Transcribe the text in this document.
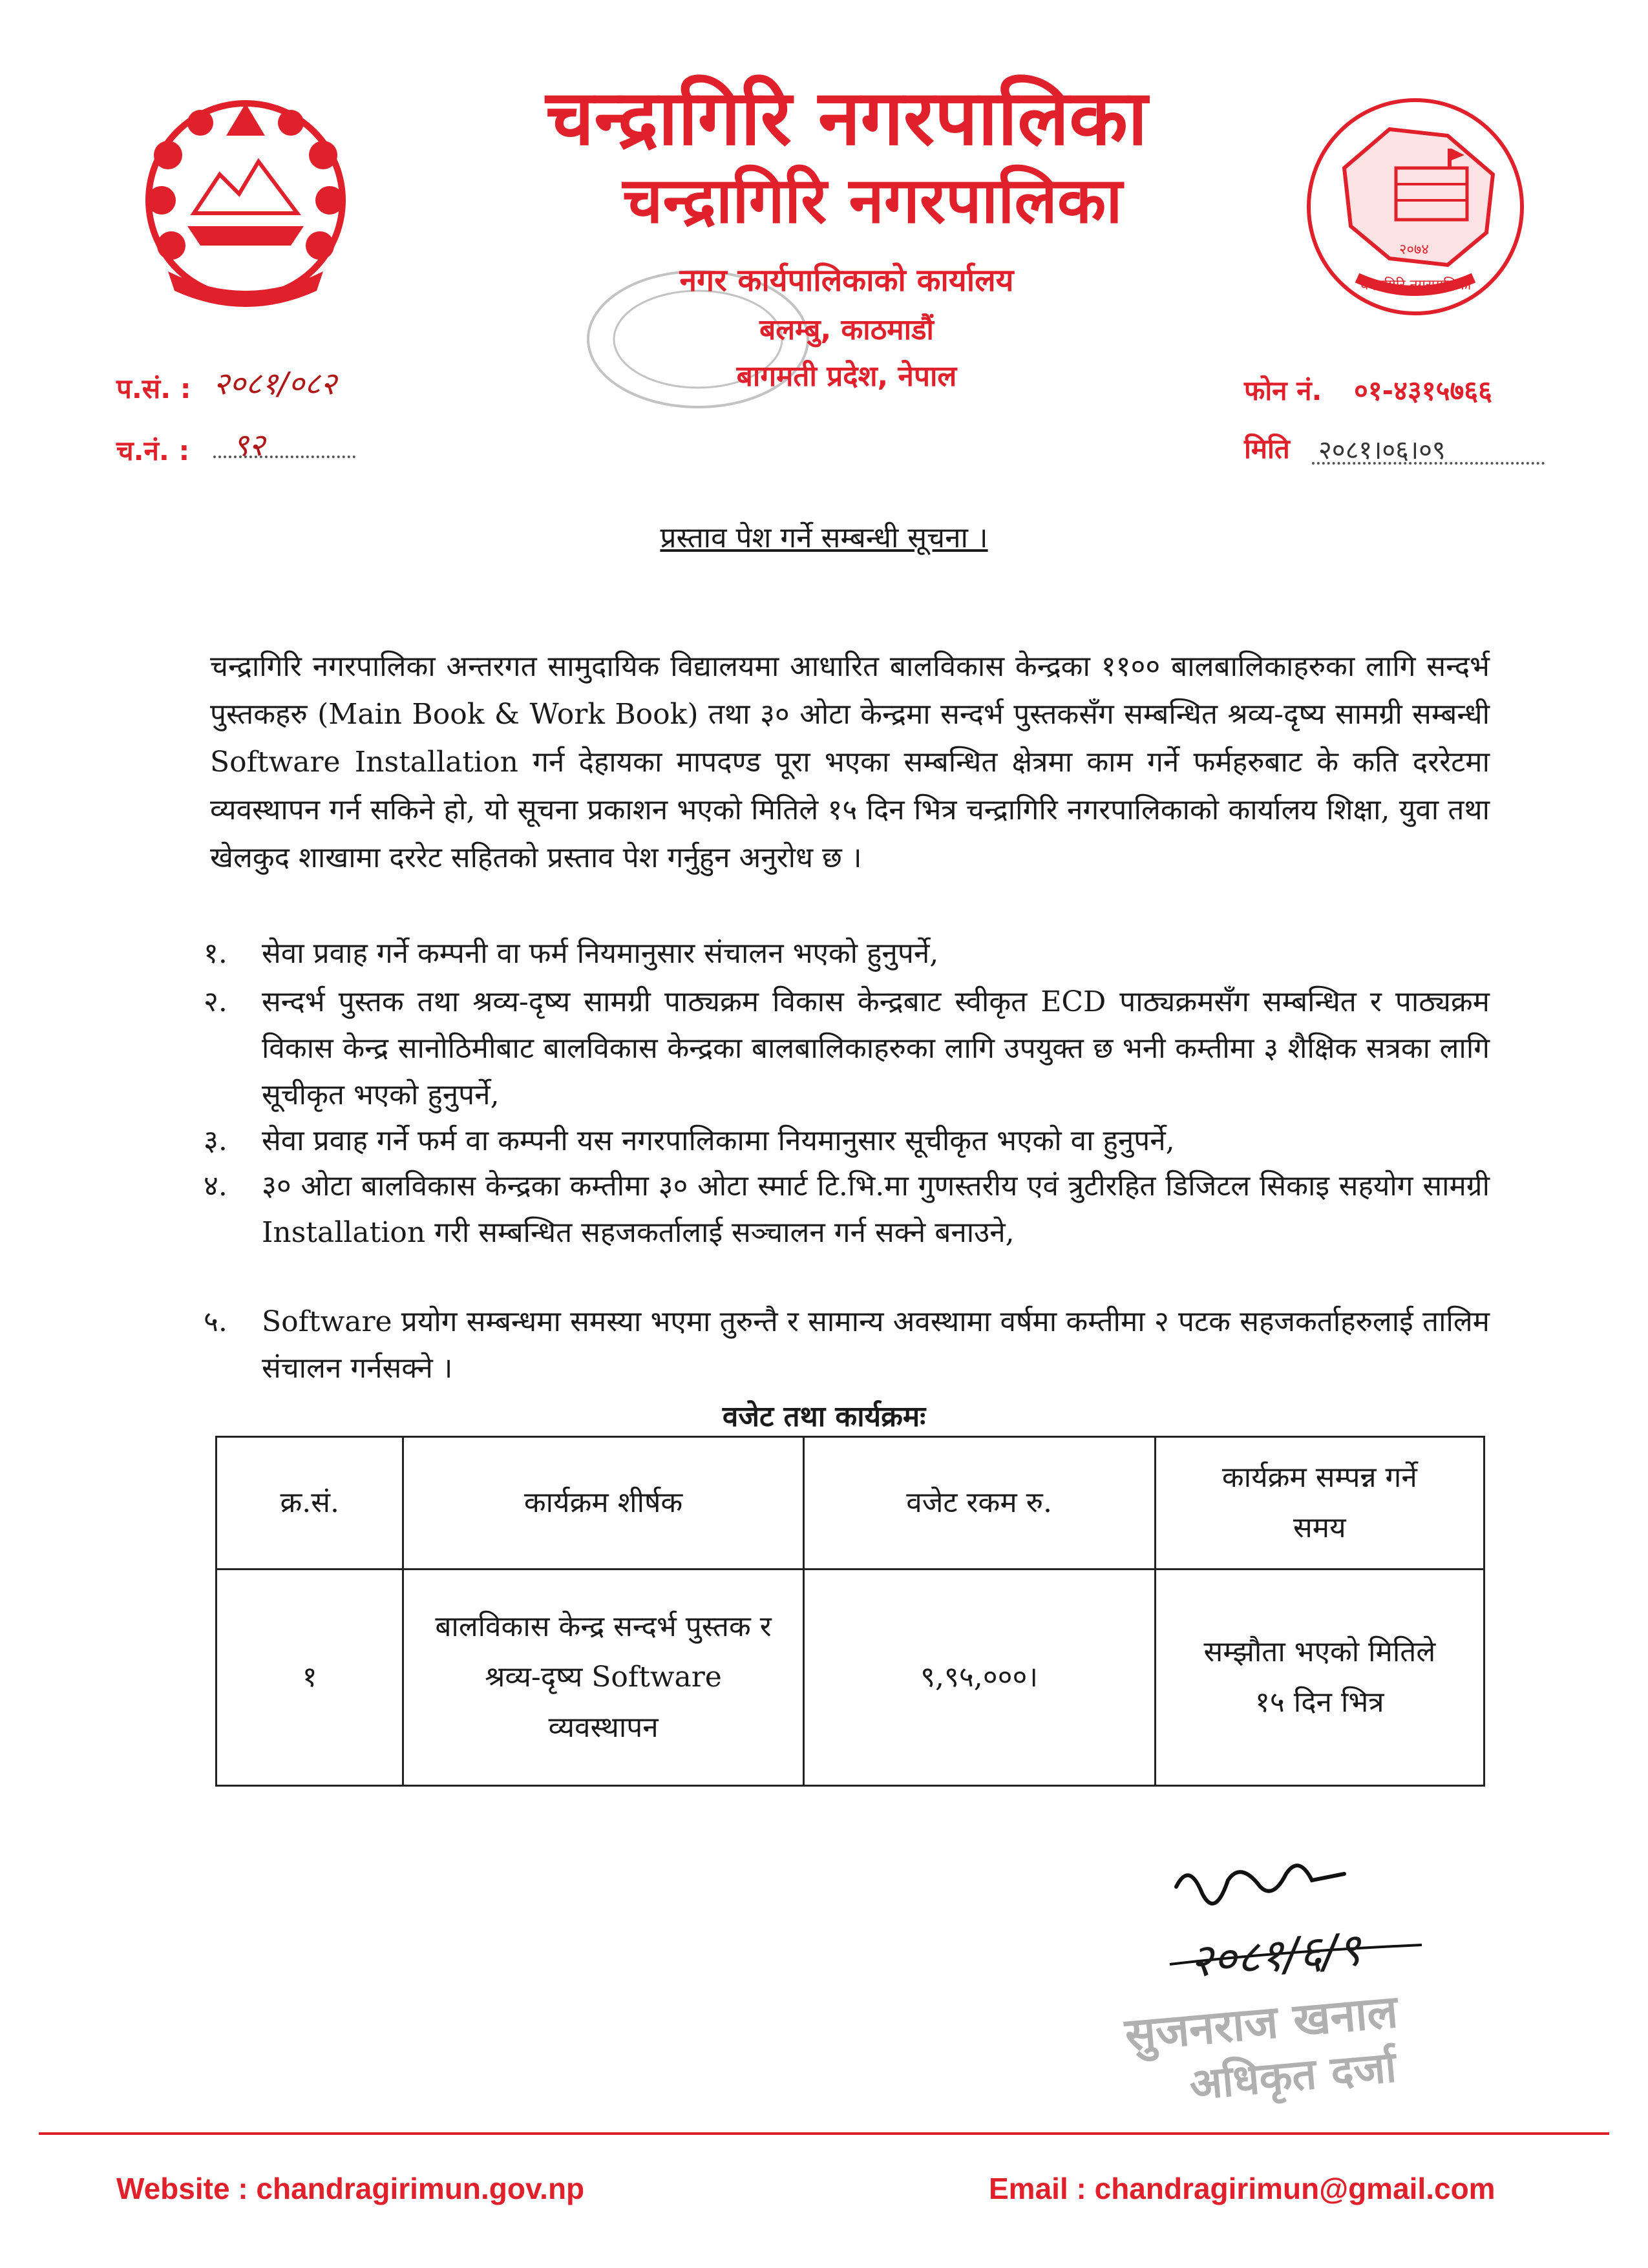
२०७४
चन्द्रागिरि नगरपालिका
चन्द्रागिरि नगरपालिका
चन्द्रागिरि नगरपालिका
नगर कार्यपालिकाको कार्यालय
बलम्बु, काठमाडौं
बागमती प्रदेश, नेपाल
प.सं. : २०८१/०८२
च.नं. : ९२
फोन नं. ०१-४३१५७६६
मिति २०८१।०६।०९
प्रस्ताव पेश गर्ने सम्बन्धी सूचना ।
चन्द्रागिरि नगरपालिका अन्तरगत सामुदायिक विद्यालयमा आधारित बालविकास केन्द्रका ११०० बालबालिकाहरुका लागि सन्दर्भ पुस्तकहरु (Main Book & Work Book) तथा ३० ओटा केन्द्रमा सन्दर्भ पुस्तकसँग सम्बन्धित श्रव्य-दृष्य सामग्री सम्बन्धी Software Installation गर्न देहायका मापदण्ड पूरा भएका सम्बन्धित क्षेत्रमा काम गर्ने फर्महरुबाट के कति दररेटमा व्यवस्थापन गर्न सकिने हो, यो सूचना प्रकाशन भएको मितिले १५ दिन भित्र चन्द्रागिरि नगरपालिकाको कार्यालय शिक्षा, युवा तथा खेलकुद शाखामा दररेट सहितको प्रस्ताव पेश गर्नुहुन अनुरोध छ ।
१.	सेवा प्रवाह गर्ने कम्पनी वा फर्म नियमानुसार संचालन भएको हुनुपर्ने,
२.	सन्दर्भ पुस्तक तथा श्रव्य-दृष्य सामग्री पाठ्यक्रम विकास केन्द्रबाट स्वीकृत ECD पाठ्यक्रमसँग सम्बन्धित र पाठ्यक्रम विकास केन्द्र सानोठिमीबाट बालविकास केन्द्रका बालबालिकाहरुका लागि उपयुक्त छ भनी कम्तीमा ३ शैक्षिक सत्रका लागि सूचीकृत भएको हुनुपर्ने,
३.	सेवा प्रवाह गर्ने फर्म वा कम्पनी यस नगरपालिकामा नियमानुसार सूचीकृत भएको वा हुनुपर्ने,
४.	३० ओटा बालविकास केन्द्रका कम्तीमा ३० ओटा स्मार्ट टि.भि.मा गुणस्तरीय एवं त्रुटीरहित डिजिटल सिकाइ सहयोग सामग्री Installation गरी सम्बन्धित सहजकर्तालाई सञ्चालन गर्न सक्ने बनाउने,
५.	Software प्रयोग सम्बन्धमा समस्या भएमा तुरुन्तै र सामान्य अवस्थामा वर्षमा कम्तीमा २ पटक सहजकर्ताहरुलाई तालिम संचालन गर्नसक्ने ।
वजेट तथा कार्यक्रमः
क्र.सं.	कार्यक्रम शीर्षक	वजेट रकम रु.	कार्यक्रम सम्पन्न गर्ने समय
१	बालविकास केन्द्र सन्दर्भ पुस्तक र श्रव्य-दृष्य Software व्यवस्थापन	९,९५,०००।	सम्झौता भएको मितिले १५ दिन भित्र
२०८१/६/९
सुजनराज खनाल
अधिकृत दर्जा
Website : chandragirimun.gov.np	Email : chandragirimun@gmail.com
